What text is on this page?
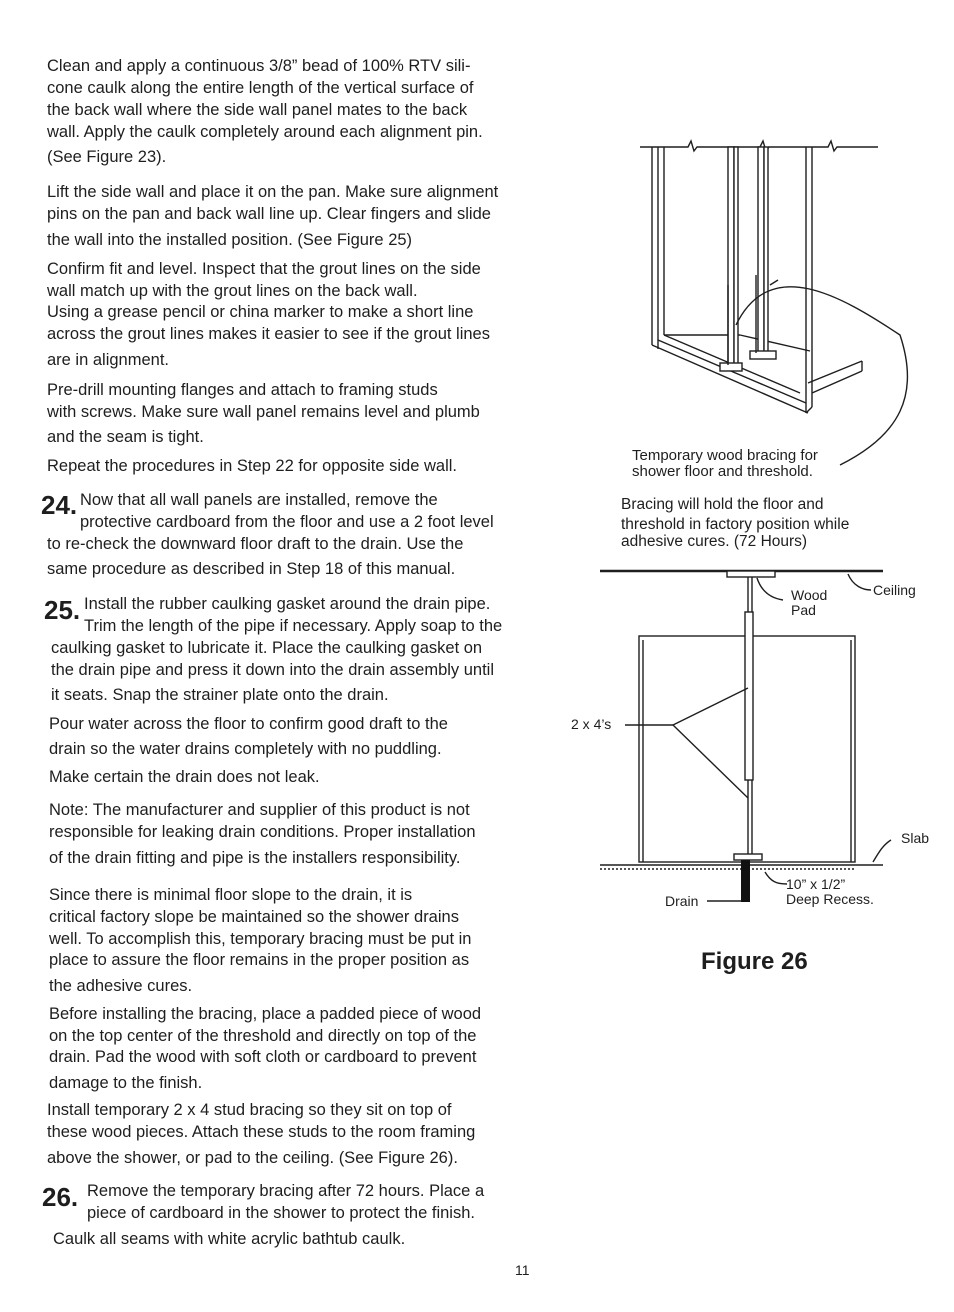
Clean and apply a continuous 3/8” bead of 100% RTV sili-

cone caulk along the entire length of the vertical surface of

the back wall where the side wall panel mates to the back

wall. Apply the caulk completely around each alignment pin.

(See Figure 23).

Lift the side wall and place it on the pan. Make sure alignment

pins on the pan and back wall line up. Clear fingers and slide

the wall into the installed position. (See Figure 25)

Confirm fit and level. Inspect that the grout lines on the side

wall match up with the grout lines on the back wall.

Using a grease pencil or china marker to make a short line

across the grout lines makes it easier to see if the grout lines

are in alignment.

Pre-drill mounting flanges and attach to framing studs

with screws. Make sure wall panel remains level and plumb

and the seam is tight.

Repeat the procedures in Step 22 for opposite side wall.

24. Now that all wall panels are installed, remove the

protective cardboard from the floor and use a 2 foot level

to re-check the downward floor draft to the drain. Use the

same procedure as described in Step 18 of this manual.

25. Install the rubber caulking gasket around the drain pipe.

Trim the length of the pipe if necessary. Apply soap to the

caulking gasket to lubricate it. Place the caulking gasket on

the drain pipe and press it down into the drain assembly until

it seats. Snap the strainer plate onto the drain.

Pour water across the floor to confirm good draft to the

drain so the water drains completely with no puddling.

Make certain the drain does not leak.

Note: The manufacturer and supplier of this product is not

responsible for leaking drain conditions. Proper installation

of the drain fitting and pipe is the installers responsibility.

Since there is minimal floor slope to the drain, it is

critical factory slope be maintained so the shower drains

well. To accomplish this, temporary bracing must be put in

place to assure the floor remains in the proper position as

the adhesive cures.

Before installing the bracing, place a padded piece of wood

on the top center of the threshold and directly on top of the

drain. Pad the wood with soft cloth or cardboard to prevent

damage to the finish.

Install temporary 2 x 4 stud bracing so they sit on top of

these wood pieces. Attach these studs to the room framing

above the shower, or pad to the ceiling. (See Figure 26).

26. Remove the temporary bracing after 72 hours. Place a

piece of cardboard in the shower to protect the finish.

Caulk all seams with white acrylic bathtub caulk.

Temporary wood bracing for
shower floor and threshold.

Bracing will hold the floor and

threshold in factory position while

adhesive cures. (72 Hours)

Wood
Pad
Ceiling
2 x 4’s
Slab
10” x 1/2”
Deep Recess.
Drain
Figure 26
11
